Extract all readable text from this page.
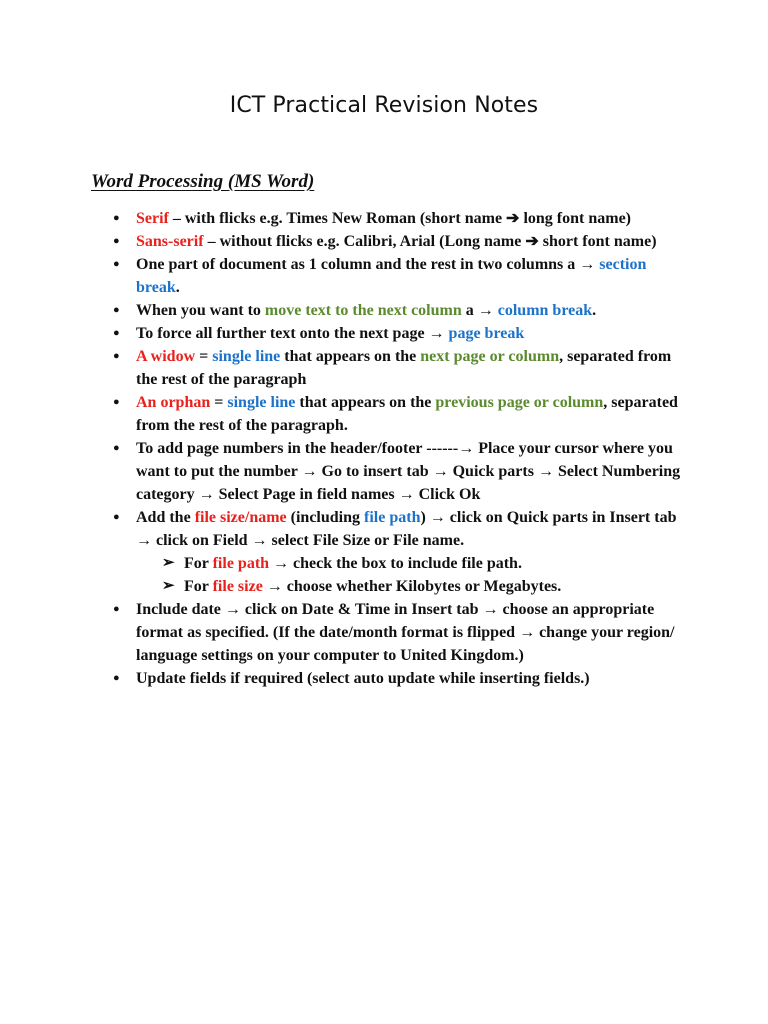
ICT Practical Revision Notes
Word Processing (MS Word)
● Serif – with flicks e.g. Times New Roman (short name ➔ long font name)
● Sans-serif – without flicks e.g. Calibri, Arial (Long name ➔ short font name)
● One part of document as 1 column and the rest in two columns a → section break.
● When you want to move text to the next column a → column break.
● To force all further text onto the next page → page break
● A widow = single line that appears on the next page or column, separated from the rest of the paragraph
● An orphan = single line that appears on the previous page or column, separated from the rest of the paragraph.
● To add page numbers in the header/footer ------→ Place your cursor where you want to put the number → Go to insert tab → Quick parts → Select Numbering category → Select Page in field names → Click Ok
● Add the file size/name (including file path) → click on Quick parts in Insert tab → click on Field → select File Size or File name.
➢ For file path → check the box to include file path.
➢ For file size → choose whether Kilobytes or Megabytes.
● Include date → click on Date & Time in Insert tab → choose an appropriate format as specified. (If the date/month format is flipped → change your region/ language settings on your computer to United Kingdom.)
● Update fields if required (select auto update while inserting fields.)
